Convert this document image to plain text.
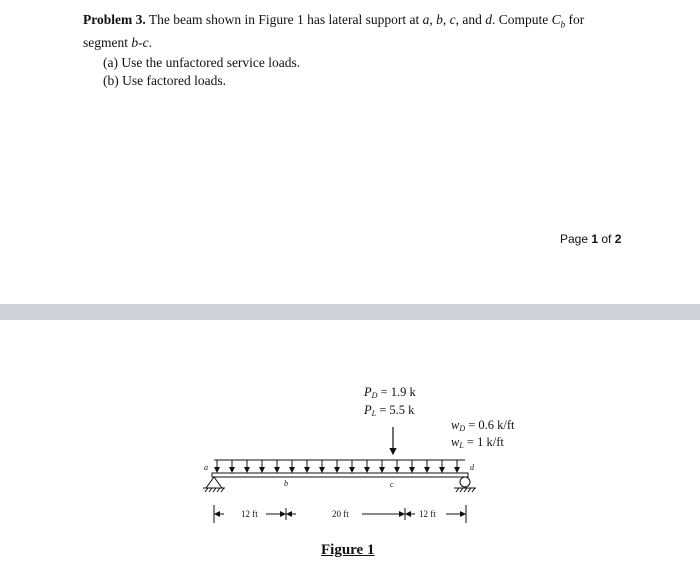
Problem 3. The beam shown in Figure 1 has lateral support at a, b, c, and d. Compute $C_b$ for
segment b-c.
(a) Use the unfactored service loads.
(b) Use factored loads.
Page 1 of 2
$P_D = 1.9$ k
$P_L = 5.5$ k
$w_D = 0.6$ k/ft
$w_L = 1$ k/ft
a
b	c
d
12 ft	20 ft	12 ft
Figure 1
